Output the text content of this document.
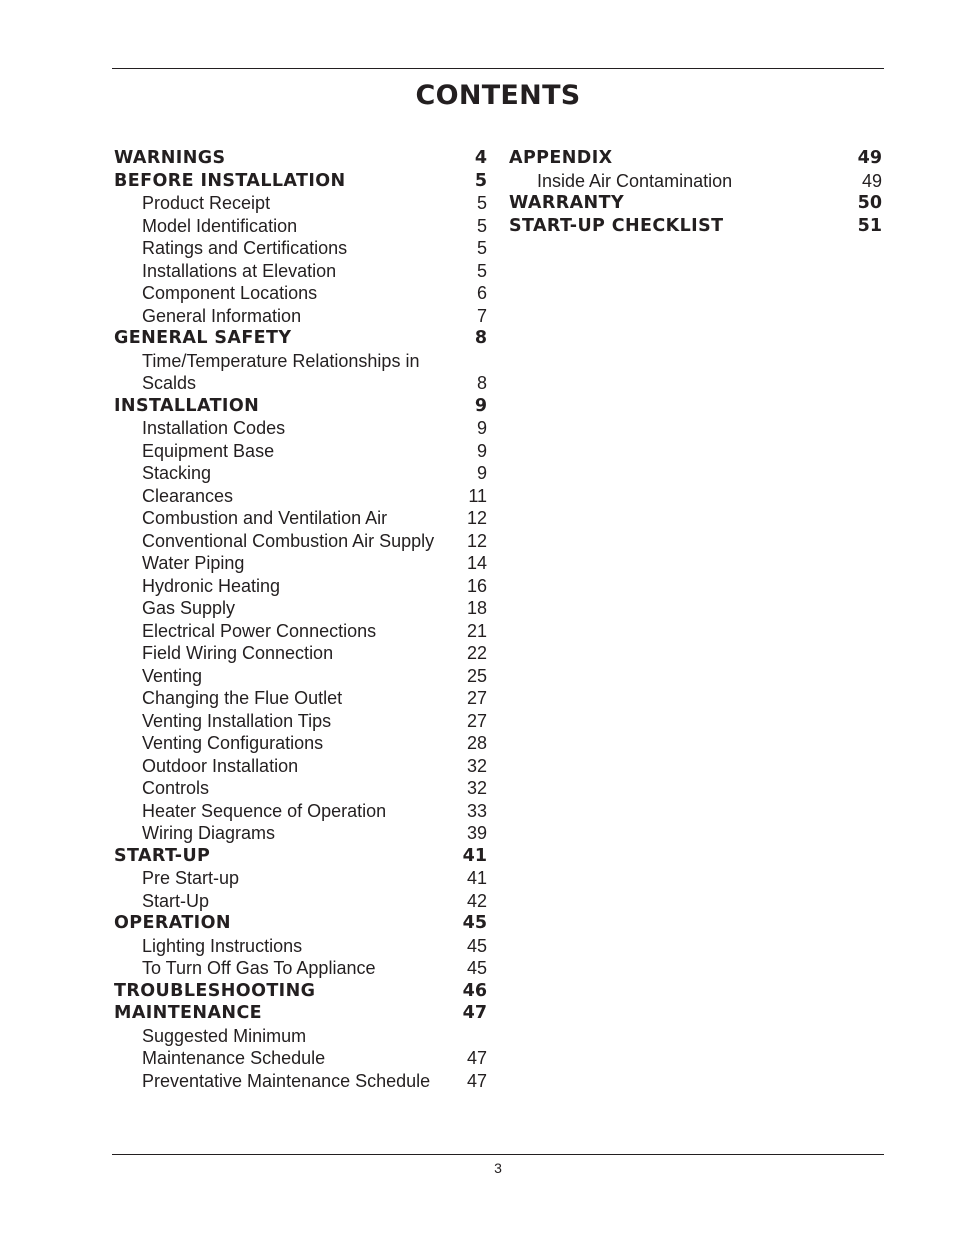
CONTENTS
WARNINGS	4
BEFORE INSTALLATION	5
Product Receipt	5
Model Identification	5
Ratings and Certifications	5
Installations at Elevation	5
Component Locations	6
General Information	7
GENERAL SAFETY	8
Time/Temperature Relationships in
Scalds	8
INSTALLATION	9
Installation Codes	9
Equipment Base	9
Stacking	9
Clearances	11
Combustion and Ventilation Air	12
Conventional Combustion Air Supply 12
Water Piping	14
Hydronic Heating	16
Gas Supply	18
Electrical Power Connections	21
Field Wiring Connection	22
Venting	25
Changing the Flue Outlet	27
Venting Installation Tips	27
Venting Configurations	28
Outdoor Installation	32
Controls	32
Heater Sequence of Operation	33
Wiring Diagrams	39
START-UP	41
Pre Start-up	41
Start-Up	42
OPERATION	45
Lighting Instructions	45
To Turn Off Gas To Appliance	45
TROUBLESHOOTING	46
MAINTENANCE	47
Suggested Minimum
Maintenance Schedule	47
Preventative Maintenance Schedule 47
APPENDIX	49
Inside Air Contamination	49
WARRANTY	50
START-UP CHECKLIST	51
3
